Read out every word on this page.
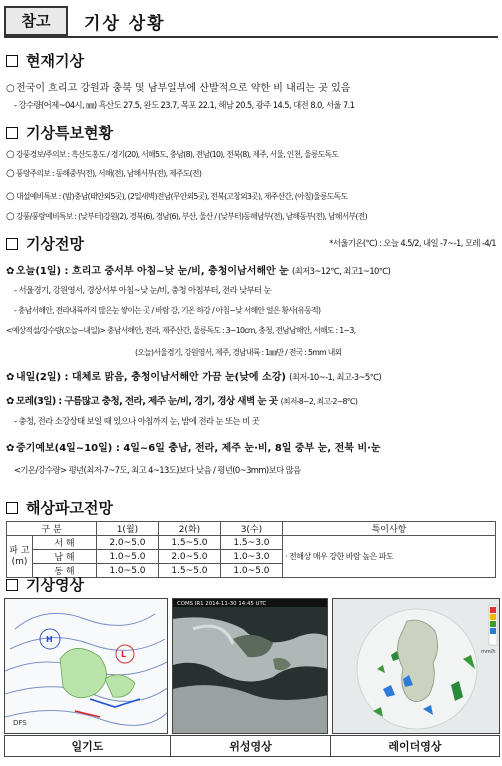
참고	기상 상황
현재기상
○전국이 흐리고 강원과 충북 및 남부일부에 산발적으로 약한 비 내리는 곳 있음
- 강수량(어제~04시, ㎜) 흑산도 27.5, 완도 23.7, 목포 22.1, 해남 20.5, 광주 14.5, 대전 8.0, 서울 7.1
기상특보현황
○ 강풍경보/주의보 : 흑산도홍도 / 경기(20), 서해5도, 충남(8), 전남(10), 전북(8), 제주, 서울, 인천, 울릉도독도
○ 풍랑주의보 : 동해중부(전), 서해(전), 남해서부(전), 제주도(전)
○ 대설예비특보 : (밤)충남(태안외5곳), (2일새벽)전남(무안외5곳), 전북(고창외3곳), 제주산간, (아침)울릉도독도
○ 강풍/풍랑예비특보 : (낮부터)강원(2), 경북(6), 경남(6), 부산, 울산 / (낮부터)동해남부(전), 남해동부(전), 남해서부(전)
기상전망	*서울기온(℃) : 오늘 4.5/2, 내일 -7~-1, 모레 -4/1
✿ 오늘(1일) : 흐리고 중서부 아침~낮 눈/비, 충청이남서해안 눈 (최저3~12℃, 최고1~10℃)
- 서울경기, 강원영서, 경상서부 아침~낮 눈/비, 충청 아침부터, 전라 낮부터 눈
- 충남서해안, 전라내륙까지 많은눈 쌓이는 곳 / 바람 강, 기온 하강 / 아침~낮 서해안 얼은 황사(유동적)
<예상적설/강수량(오늘~내일)> 충남서해안, 전라, 제주산간, 울릉독도 : 3~10cm, 충청, 전남남해안, 서해도 : 1~3,
(오늘)서울경기, 강원영서, 제주, 경남내륙 : 1㎜만 / 전국 : 5mm 내외
✿ 내일(2일) : 대체로 맑음, 충청이남서해안 가끔 눈(낮에 소강) (최저-10~-1, 최고-3~5℃)
✿ 모레(3일) : 구름많고 충청, 전라, 제주 눈/비, 경기, 경상 새벽 눈 곳 (최저-8~2, 최고-2~8℃)
- 충청, 전라 소강상태 보일 때 있으나 아침까지 눈, 밤에 전라 눈 또는 비 곳
✿ 중기예보(4일~10일) : 4일~6일 충남, 전라, 제주 눈·비, 8일 중부 눈, 전북 비·눈
<기온/강수량> 평년(최저-7~7도, 최고 4~13도)보다 낮음 / 평년(0~3mm)보다 많음
해상파고전망
구 분		1(월)	2(화)	3(수)	특이사항
파 고 (m)	서 해	2.0~5.0	1.5~5.0	1.5~3.0	· 전해상 매우 강한 바람 높은 파도
	남 해	1.0~5.0	2.0~5.0	1.0~3.0	
	동 해	1.0~5.0	1.5~5.0	1.0~5.0	
기상영상
DFS
H
L
COMS IR1 2014-11-30 14:45 UTC
mm/h
일기도	위성영상	레이더영상
